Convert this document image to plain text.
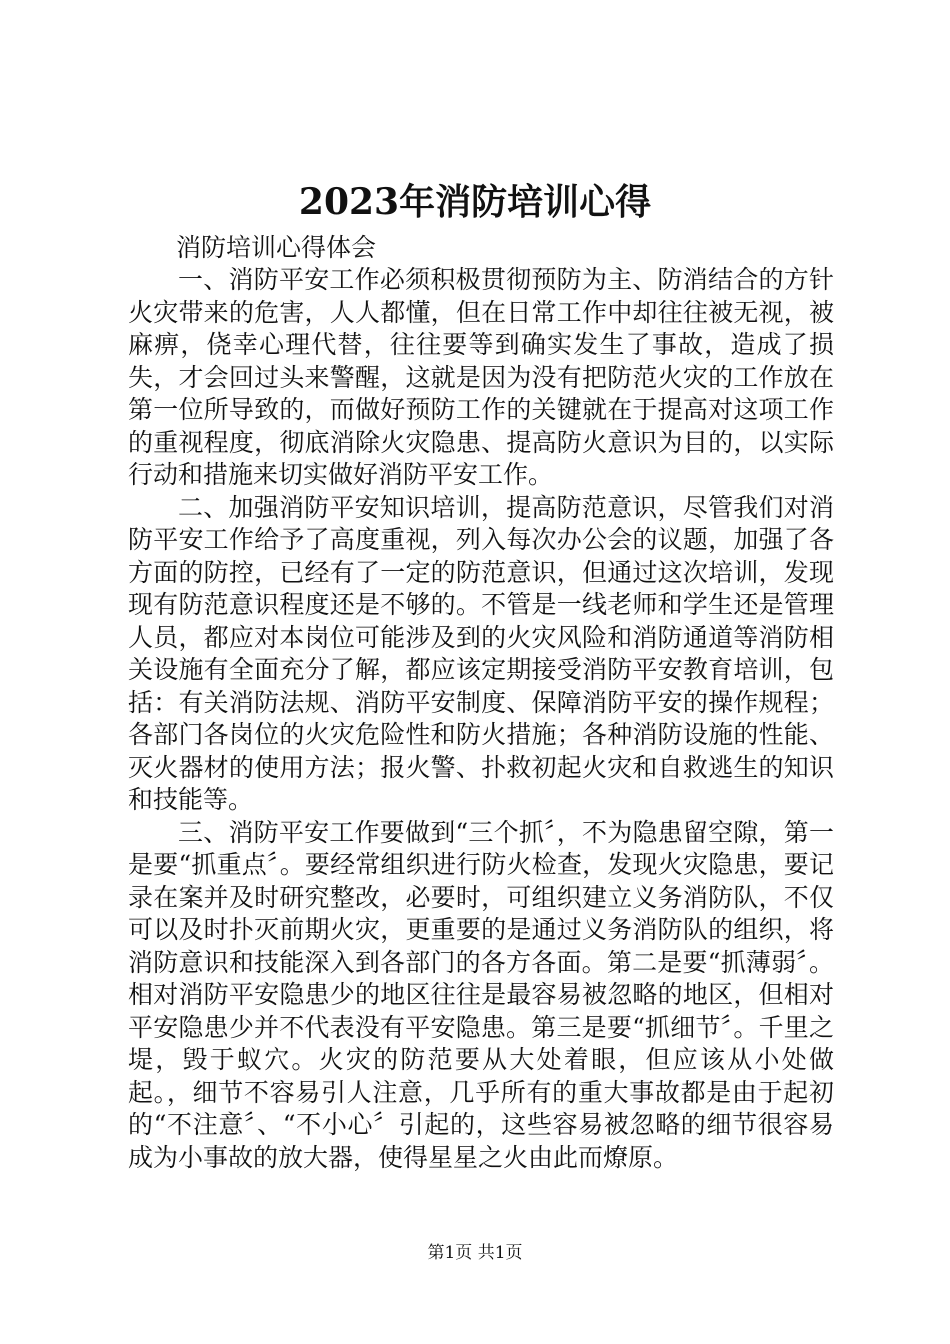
2023年消防培训心得
消防培训心得体会

一、消防平安工作必须积极贯彻预防为主、防消结合的方针火灾带来的危害，人人都懂，但在日常工作中却往往被无视，被麻痹，侥幸心理代替，往往要等到确实发生了事故，造成了损失，才会回过头来警醒，这就是因为没有把防范火灾的工作放在第一位所导致的，而做好预防工作的关键就在于提高对这项工作的重视程度，彻底消除火灾隐患、提高防火意识为目的，以实际行动和措施来切实做好消防平安工作。

二、加强消防平安知识培训，提高防范意识，尽管我们对消防平安工作给予了高度重视，列入每次办公会的议题，加强了各方面的防控，已经有了一定的防范意识，但通过这次培训，发现现有防范意识程度还是不够的。不管是一线老师和学生还是管理人员，都应对本岗位可能涉及到的火灾风险和消防通道等消防相关设施有全面充分了解，都应该定期接受消防平安教育培训，包括：有关消防法规、消防平安制度、保障消防平安的操作规程；各部门各岗位的火灾危险性和防火措施；各种消防设施的性能、灭火器材的使用方法；报火警、扑救初起火灾和自救逃生的知识和技能等。

三、消防平安工作要做到“三个抓〞，不为隐患留空隙，第一是要“抓重点〞。要经常组织进行防火检查，发现火灾隐患，要记录在案并及时研究整改，必要时，可组织建立义务消防队，不仅可以及时扑灭前期火灾，更重要的是通过义务消防队的组织，将消防意识和技能深入到各部门的各方各面。第二是要“抓薄弱〞。相对消防平安隐患少的地区往往是最容易被忽略的地区，但相对平安隐患少并不代表没有平安隐患。第三是要“抓细节〞。千里之堤，毁于蚁穴。火灾的防范要从大处着眼，但应该从小处做起。，细节不容易引人注意，几乎所有的重大事故都是由于起初的“不注意〞、“不小心〞引起的，这些容易被忽略的细节很容易成为小事故的放大器，使得星星之火由此而燎原。

第1页 共1页
